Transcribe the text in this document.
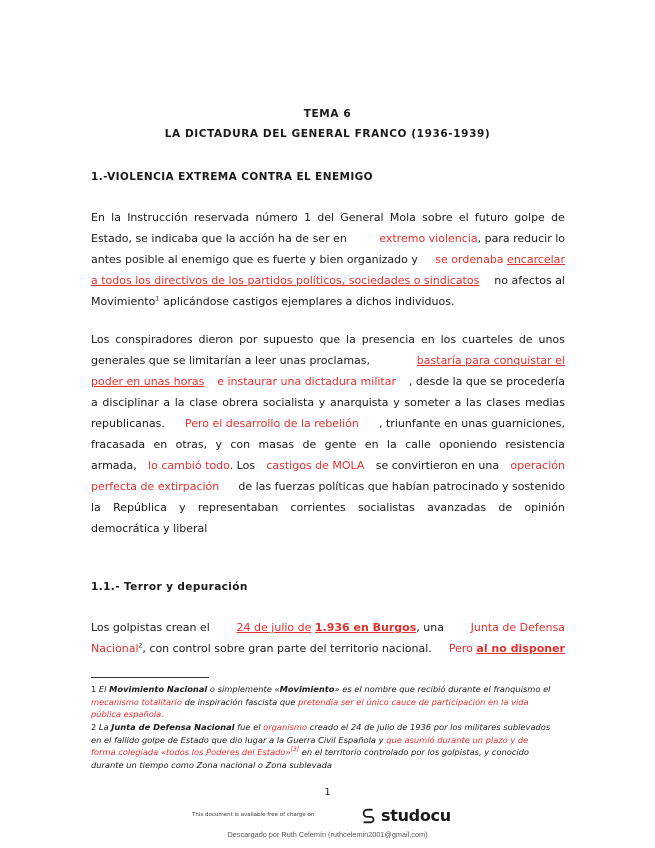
TEMA 6
LA DICTADURA DEL GENERAL FRANCO (1936-1939)
1.-VIOLENCIA EXTREMA CONTRA EL ENEMIGO
En la Instrucción reservada número 1 del General Mola sobre el futuro golpe de
Estado, se indicaba que la acción ha de ser en	extremo violencia, para reducir lo
antes posible al enemigo que es fuerte y bien organizado y se ordenaba encarcelar
a todos los directivos de los partidos políticos, sociedades o sindicatos no afectos al
Movimiento$^1$ aplicándose castigos ejemplares a dichos individuos.
Los conspiradores dieron por supuesto que la presencia en los cuarteles de unos
generales que se limitarían a leer unas proclamas,	bastaría para conquistar el
poder en unas horas e instaurar una dictadura militar , desde la que se procedería
a disciplinar a la clase obrera socialista y anarquista y someter a las clases medias
republicanas. Pero el desarrollo de la rebelión , triunfante en unas guarniciones,
fracasada en otras, y con masas de gente en la calle oponiendo resistencia
armada, lo cambió todo. Los castigos de MOLA se convirtieron en una operación
perfecta de extirpación de las fuerzas políticas que habían patrocinado y sostenido
la República y representaban corrientes socialistas avanzadas de opinión
democrática y liberal
1.1.- Terror y depuración
Los golpistas crean el 24 de julio de 1.936 en Burgos, una Junta de Defensa
Nacional$^2$, con control sobre gran parte del territorio nacional. Pero al no disponer
1 El Movimiento Nacional o simplemente «Movimiento» es el nombre que recibió durante el franquismo el
mecanismo totalitario de inspiración fascista que pretendía ser el único cauce de participación en la vida
pública española.
2 La Junta de Defensa Nacional fue el organismo creado el 24 de julio de 1936 por los militares sublevados
en el fallido golpe de Estado que dio lugar a la Guerra Civil Española y que asumió durante un plazo y de
forma colegiada «todos los Poderes del Estado»[3] en el territorio controlado por los golpistas, y conocido
durante un tiempo como Zona nacional o Zona sublevada
1
This document is available free of charge on	studocu
Descargado por Ruth Celemín (ruthcelemin2001@gmail.com)
